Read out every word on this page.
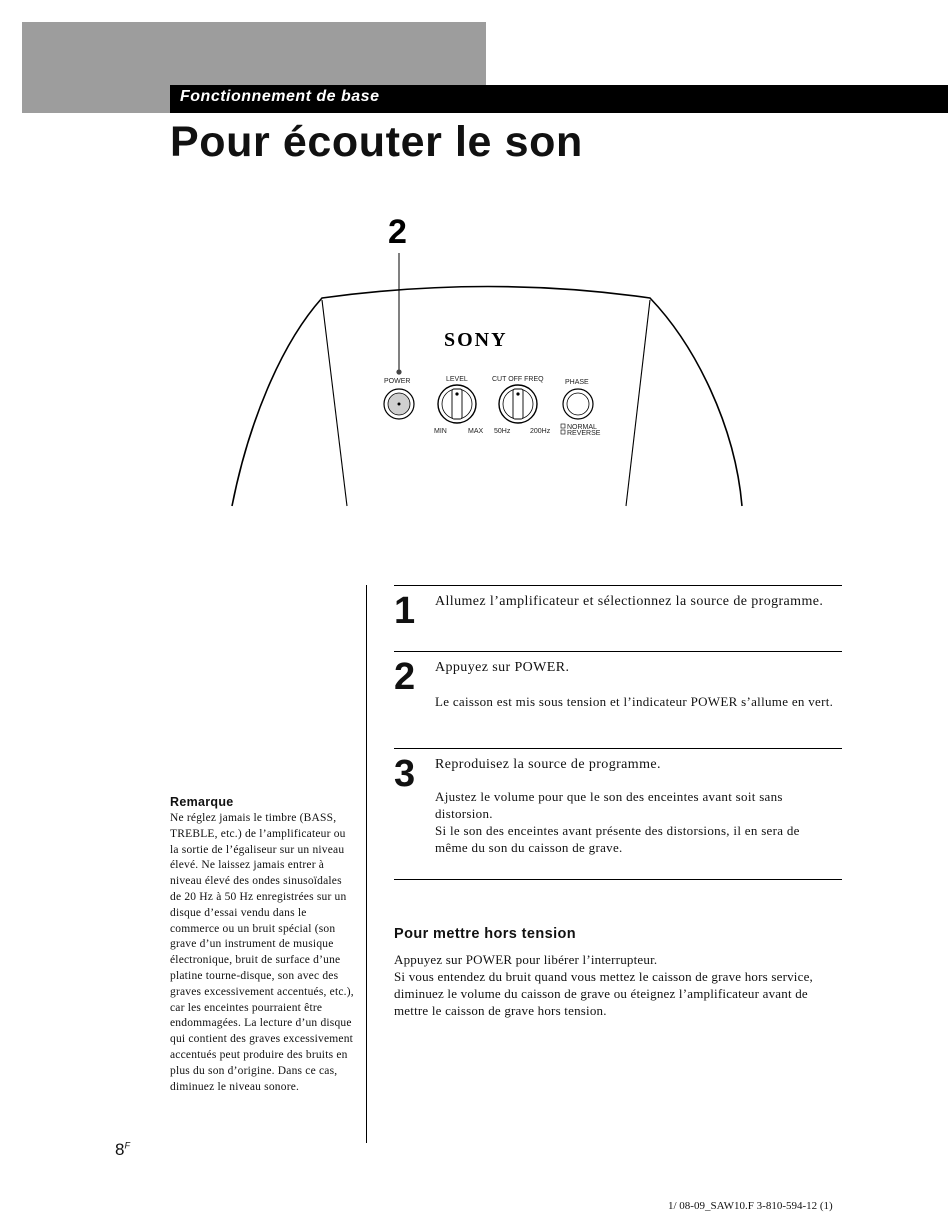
Fonctionnement de base
Pour écouter le son
2
SONY
POWER	LEVEL
MIN	MAX
CUT OFF FREQ
50Hz	200Hz
PHASE
NORMAL
REVERSE
1 Allumez l’amplificateur et sélectionnez la source de programme.
2 Appuyez sur POWER.

Le caisson est mis sous tension et l’indicateur POWER s’allume en vert.

3 Reproduisez la source de programme.

Ajustez le volume pour que le son des enceintes avant soit sans distorsion.

Si le son des enceintes avant présente des distorsions, il en sera de même du son du caisson de grave.

Pour mettre hors tension

Appuyez sur POWER pour libérer l’interrupteur.

Si vous entendez du bruit quand vous mettez le caisson de grave hors service, diminuez le volume du caisson de grave ou éteignez l’amplificateur avant de mettre le caisson de grave hors tension.

Remarque

Ne réglez jamais le timbre (BASS, TREBLE, etc.) de l’amplificateur ou la sortie de l’égaliseur sur un niveau élevé. Ne laissez jamais entrer à niveau élevé des ondes sinusoïdales de 20 Hz à 50 Hz enregistrées sur un disque d’essai vendu dans le commerce ou un bruit spécial (son grave d’un instrument de musique électronique, bruit de surface d’une platine tourne-disque, son avec des graves excessivement accentués, etc.), car les enceintes pourraient être endommagées. La lecture d’un disque qui contient des graves excessivement accentués peut produire des bruits en plus du son d’origine. Dans ce cas, diminuez le niveau sonore.

$8^F$
1/ 08-09_SAW10.F 3-810-594-12 (1)
